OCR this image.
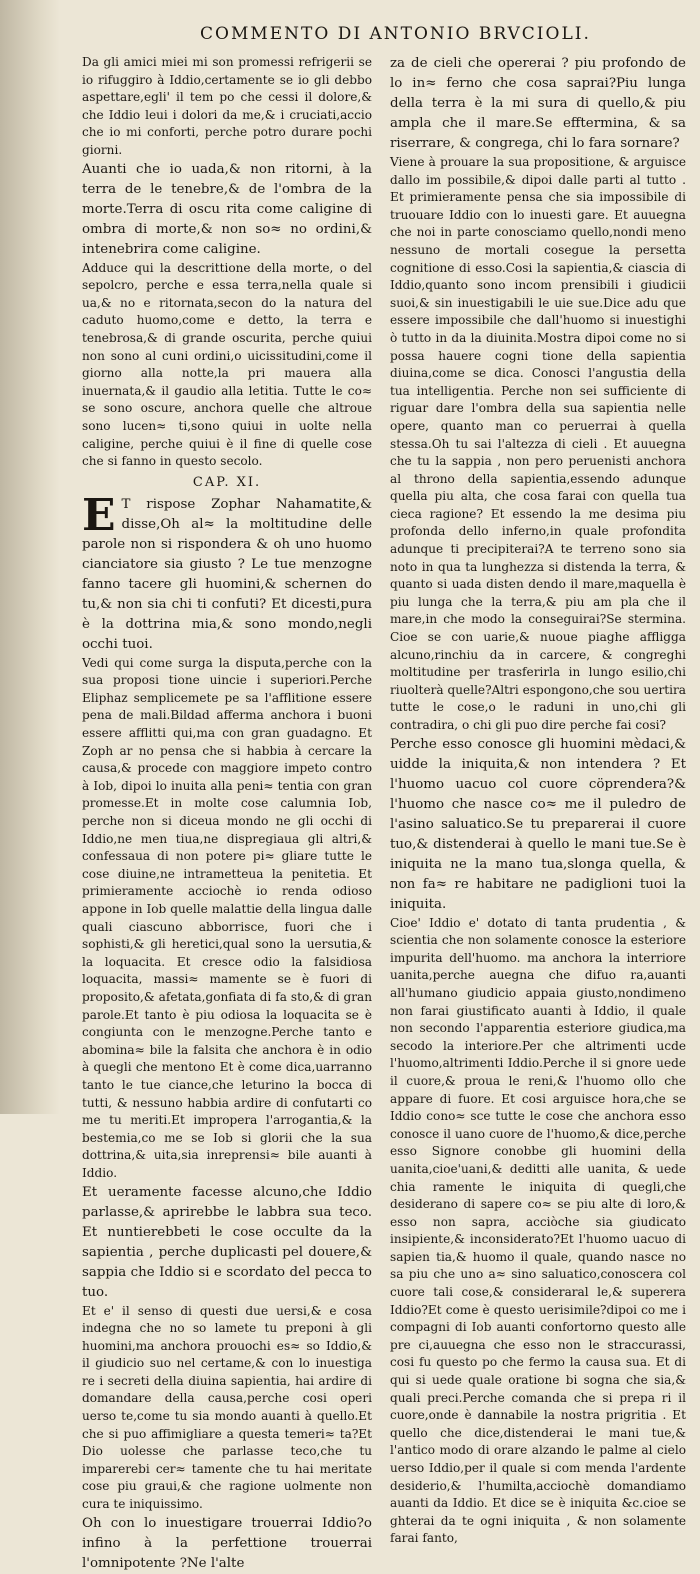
COMMENTO DI ANTONIO BRVCIOLI.

Da gli amici miei mi son promessi refrigerii se io rifuggiro à Iddio,certamente se io gli debbo aspettare,egli' il tem po che cessi il dolore,& che Iddio leui i dolori da me,& i cruciati,accio che io mi conforti, perche potro durare pochi giorni.

Auanti che io uada,& non ritorni, à la terra de le tenebre,& de l'ombra de la morte.Terra di oscu rita come caligine di ombra di morte,& non so≈ no ordini,& intenebrira come caligine.

Adduce qui la descrittione della morte, o del sepolcro, perche e essa terra,nella quale si ua,& no e ritornata,secon do la natura del caduto huomo,come e detto, la terra e tenebrosa,& di grande oscurita, perche quiui non sono al cuni ordini,o uicissitudini,come il giorno alla notte,la pri mauera alla inuernata,& il gaudio alla letitia. Tutte le co≈ se sono oscure, anchora quelle che altroue sono lucen≈ ti,sono quiui in uolte nella caligine, perche quiui è il fine di quelle cose che si fanno in questo secolo.

CAP. XI.

E T rispose Zophar Nahamatite,& disse,Oh al≈ la moltitudine delle parole non si rispondera & oh uno huomo cianciatore sia giusto ? Le tue menzogne fanno tacere gli huomini,& schernen do tu,& non sia chi ti confuti? Et dicesti,pura è la dottrina mia,& sono mondo,negli occhi tuoi.

Vedi qui come surga la disputa,perche con la sua proposi tione uincie i superiori.Perche Eliphaz semplicemete pe sa l'afflitione essere pena de mali.Bildad afferma anchora i buoni essere afflitti qui,ma con gran guadagno. Et Zoph ar no pensa che si habbia à cercare la causa,& procede con maggiore impeto contro à Iob, dipoi lo inuita alla peni≈ tentia con gran promesse.Et in molte cose calumnia Iob, perche non si diceua mondo ne gli occhi di Iddio,ne men tiua,ne dispregiaua gli altri,& confessaua di non potere pi≈ gliare tutte le cose diuine,ne intrametteua la penitetia. Et primieramente acciochè io renda odioso appone in Iob quelle malattie della lingua dalle quali ciascuno abborrisce, fuori che i sophisti,& gli heretici,qual sono la uersutia,& la loquacita. Et cresce odio la falsidiosa loquacita, massi≈ mamente se è fuori di proposito,& afetata,gonfiata di fa sto,& di gran parole.Et tanto è piu odiosa la loquacita se è congiunta con le menzogne.Perche tanto e abomina≈ bile la falsita che anchora è in odio à quegli che mentono Et è come dica,uarranno tanto le tue ciance,che leturino la bocca di tutti, & nessuno habbia ardire di confutarti co me tu meriti.Et impropera l'arrogantia,& la bestemia,co me se Iob si glorii che la sua dottrina,& uita,sia inreprensi≈ bile auanti à Iddio.

Et ueramente facesse alcuno,che Iddio parlasse,& aprirebbe le labbra sua teco. Et nuntierebbeti le cose occulte da la sapientia , perche duplicasti pel douere,& sappia che Iddio si e scordato del pecca to tuo.

Et e' il senso di questi due uersi,& e cosa indegna che no so lamete tu preponi à gli huomini,ma anchora prouochi es≈ so Iddio,& il giudicio suo nel certame,& con lo inuestiga re i secreti della diuina sapientia, hai ardire di domandare della causa,perche cosi operi uerso te,come tu sia mondo auanti à quello.Et che si puo affimigliare a questa temeri≈ ta?Et Dio uolesse che parlasse teco,che tu imparerebi cer≈ tamente che tu hai meritate cose piu graui,& che ragione uolmente non cura te iniquissimo.

Oh con lo inuestigare trouerrai Iddio?o infino à la perfettione trouerrai l'omnipotente ?Ne l'alte

za de cieli che opererai ? piu profondo de lo in≈ ferno che cosa saprai?Piu lunga della terra è la mi sura di quello,& piu ampla che il mare.Se efftermina, & sa riserrare, & congrega, chi lo fara sornare?

Viene à prouare la sua propositione, & arguisce dallo im possibile,& dipoi dalle parti al tutto . Et primieramente pensa che sia impossibile di truouare Iddio con lo inuesti gare. Et auuegna che noi in parte conosciamo quello,nondi meno nessuno de mortali cosegue la persetta cognitione di esso.Cosi la sapientia,& ciascia di Iddio,quanto sono incom prensibili i giudicii suoi,& sin inuestigabili le uie sue.Dice adu que essere impossibile che dall'huomo si inuestighi ò tutto in da la diuinita.Mostra dipoi come no si possa hauere cogni tione della sapientia diuina,come se dica. Conosci l'angustia della tua intelligentia. Perche non sei sufficiente di riguar dare l'ombra della sua sapientia nelle opere, quanto man co peruerrai à quella stessa.Oh tu sai l'altezza di cieli . Et auuegna che tu la sappia , non pero peruenisti anchora al throno della sapientia,essendo adunque quella piu alta, che cosa farai con quella tua cieca ragione? Et essendo la me desima piu profonda dello inferno,in quale profondita adunque ti precipiterai?A te terreno sono sia noto in qua ta lunghezza si distenda la terra, & quanto si uada disten dendo il mare,maquella è piu lunga che la terra,& piu am pla che il mare,in che modo la conseguirai?Se stermina. Cioe se con uarie,& nuoue piaghe affligga alcuno,rinchiu da in carcere, & congreghi moltitudine per trasferirla in lungo esilio,chi riuolterà quelle?Altri espongono,che sou uertira tutte le cose,o le raduni in uno,chi gli contradira, o chi gli puo dire perche fai cosi?

Perche esso conosce gli huomini mèdaci,& uidde la iniquita,& non intendera ? Et l'huomo uacuo col cuore cöprendera?& l'huomo che nasce co≈ me il puledro de l'asino saluatico.Se tu preparerai il cuore tuo,& distenderai à quello le mani tue.Se è iniquita ne la mano tua,slonga quella, & non fa≈ re habitare ne padiglioni tuoi la iniquita.

Cioe' Iddio e' dotato di tanta prudentia , & scientia che non solamente conosce la esteriore impurita dell'huomo. ma anchora la interriore uanita,perche auegna che difuo ra,auanti all'humano giudicio appaia giusto,nondimeno non farai giustificato auanti à Iddio, il quale non secondo l'apparentia esteriore giudica,ma secodo la interiore.Per che altrimenti ucde l'huomo,altrimenti Iddio.Perche il si gnore uede il cuore,& proua le reni,& l'huomo ollo che appare di fuore. Et cosi arguisce hora,che se Iddio cono≈ sce tutte le cose che anchora esso conosce il uano cuore de l'huomo,& dice,perche esso Signore conobbe gli huomini della uanita,cioe'uani,& deditti alle uanita, & uede chia ramente le iniquita di quegli,che desiderano di sapere co≈ se piu alte di loro,& esso non sapra, acciòche sia giudicato insipiente,& inconsiderato?Et l'huomo uacuo di sapien tia,& huomo il quale, quando nasce no sa piu che uno a≈ sino saluatico,conoscera col cuore tali cose,& consideraral le,& superera Iddio?Et come è questo uerisimile?dipoi co me i compagni di Iob auanti confortorno questo alle pre ci,auuegna che esso non le straccurassi, cosi fu questo po che fermo la causa sua. Et di qui si uede quale oratione bi sogna che sia,& quali preci.Perche comanda che si prepa ri il cuore,onde è dannabile la nostra prigritia . Et quello che dice,distenderai le mani tue,& l'antico modo di orare alzando le palme al cielo uerso Iddio,per il quale si com menda l'ardente desiderio,& l'humilta,acciochè domandiamo auanti da Iddio. Et dice se è iniquita &c.cioe se ghterai da te ogni iniquita , & non solamente farai fanto,
